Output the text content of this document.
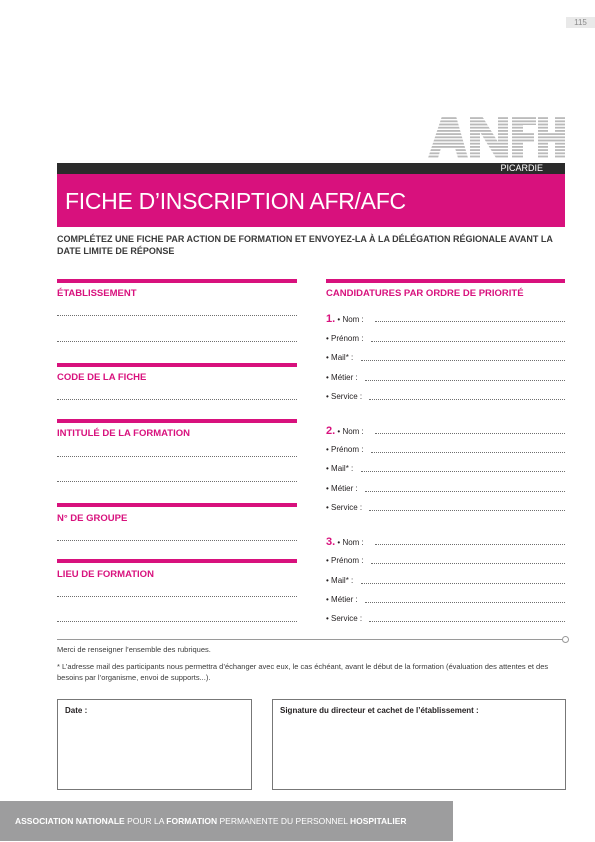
115
PICARDIE
FICHE D’INSCRIPTION AFR/AFC
COMPLÉTEZ UNE FICHE PAR ACTION DE FORMATION ET ENVOYEZ-LA À LA DÉLÉGATION RÉGIONALE AVANT LA DATE LIMITE DE RÉPONSE
ÉTABLISSEMENT
CODE DE LA FICHE
INTITULÉ DE LA FORMATION
N° DE GROUPE
LIEU DE FORMATION
CANDIDATURES PAR ORDRE DE PRIORITÉ
1. • Nom :
• Prénom :
• Mail* :
• Métier :
• Service :
2. • Nom :
• Prénom :
• Mail* :
• Métier :
• Service :
3. • Nom :
• Prénom :
• Mail* :
• Métier :
• Service :
Merci de renseigner l’ensemble des rubriques.
* L’adresse mail des participants nous permettra d’échanger avec eux, le cas échéant, avant le début de la formation (évaluation des attentes et des besoins par l’organisme, envoi de supports...).
Date :	Signature du directeur et cachet de l’établissement :
ASSOCIATION NATIONALE POUR LA FORMATION PERMANENTE DU PERSONNEL HOSPITALIER
